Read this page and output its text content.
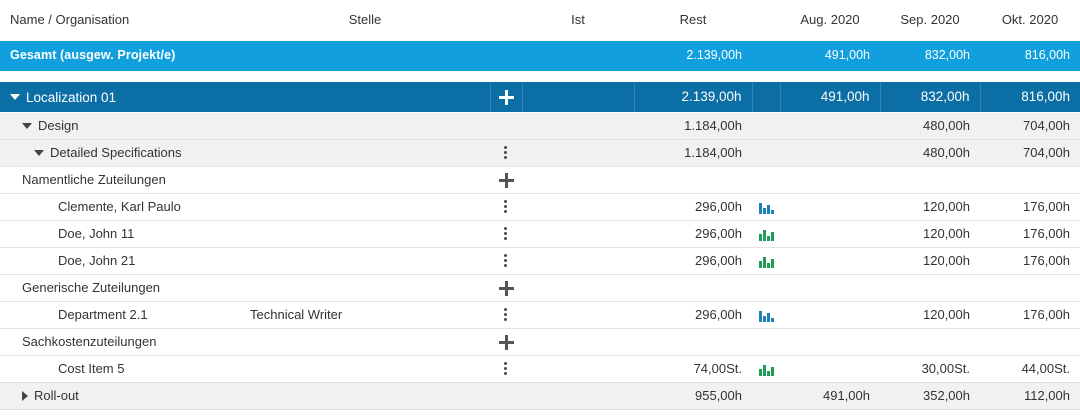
Name / Organisation	Stelle		Ist	Rest		Aug. 2020	Sep. 2020	Okt. 2020
Gesamt (ausgew. Projekt/e)				2.139,00h		491,00h	832,00h	816,00h

Localization 01				2.139,00h		491,00h	832,00h	816,00h
Design				1.184,00h			480,00h	704,00h
Detailed Specifications				1.184,00h			480,00h	704,00h
Namentliche Zuteilungen								
Clemente, Karl Paulo				296,00h			120,00h	176,00h
Doe, John 11				296,00h			120,00h	176,00h
Doe, John 21				296,00h			120,00h	176,00h
Generische Zuteilungen								
Department 2.1	Technical Writer			296,00h			120,00h	176,00h
Sachkostenzuteilungen								
Cost Item 5				74,00St.			30,00St.	44,00St.
Roll-out				955,00h		491,00h	352,00h	112,00h
